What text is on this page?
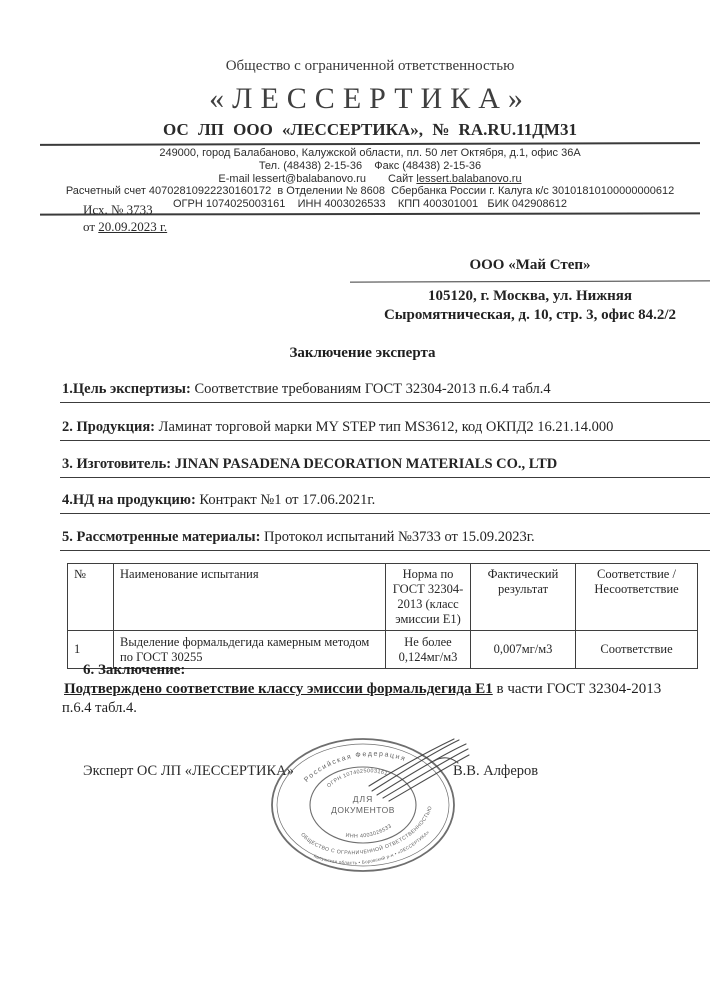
Общество с ограниченной ответственностью
«ЛЕССЕРТИКА»
ОС ЛП ООО «ЛЕССЕРТИКА», № RA.RU.11ДМ31
249000, город Балабаново, Калужской области, пл. 50 лет Октября, д.1, офис 36А
Тел. (48438) 2-15-36    Факс (48438) 2-15-36
E-mail lessert@balabanovo.ru Сайт lessert.balabanovo.ru
Расчетный счет 40702810922230160172  в Отделении № 8608  Сбербанка России г. Калуга к/с 30101810100000000612
ОГРН 1074025003161    ИНН 4003026533    КПП 400301001   БИК 042908612
Исх. № 3733
от 20.09.2023 г.
ООО «Май Степ»
105120, г. Москва, ул. Нижняя
Сыромятническая, д. 10, стр. 3, офис 84.2/2
Заключение эксперта
1.Цель экспертизы: Соответствие требованиям ГОСТ 32304-2013 п.6.4 табл.4
2. Продукция: Ламинат торговой марки MY STEP тип MS3612, код ОКПД2 16.21.14.000
3. Изготовитель: JINAN PASADENA DECORATION MATERIALS CO., LTD
4.НД на продукцию: Контракт №1 от 17.06.2021г.
5. Рассмотренные материалы: Протокол испытаний №3733 от 15.09.2023г.
№	Наименование испытания	Норма по ГОСТ 32304-2013 (класс эмиссии Е1)	Фактический результат	Соответствие / Несоответствие
1	Выделение формальдегида камерным методом по ГОСТ 30255	Не более 0,124мг/м3	0,007мг/м3	Соответствие
6. Заключение:
Подтверждено соответствие классу эмиссии формальдегида Е1 в части ГОСТ 32304-2013
п.6.4 табл.4.
Эксперт ОС ЛП «ЛЕССЕРТИКА»	В.В. Алферов
Российская Федерация
ОБЩЕСТВО С ОГРАНИЧЕННОЙ ОТВЕТСТВЕННОСТЬЮ
Калужская область • Боровский р-н • «ЛЕССЕРТИКА»
ОГРН 1074025003161
ИНН 4003026533
ДЛЯ
ДОКУМЕНТОВ
